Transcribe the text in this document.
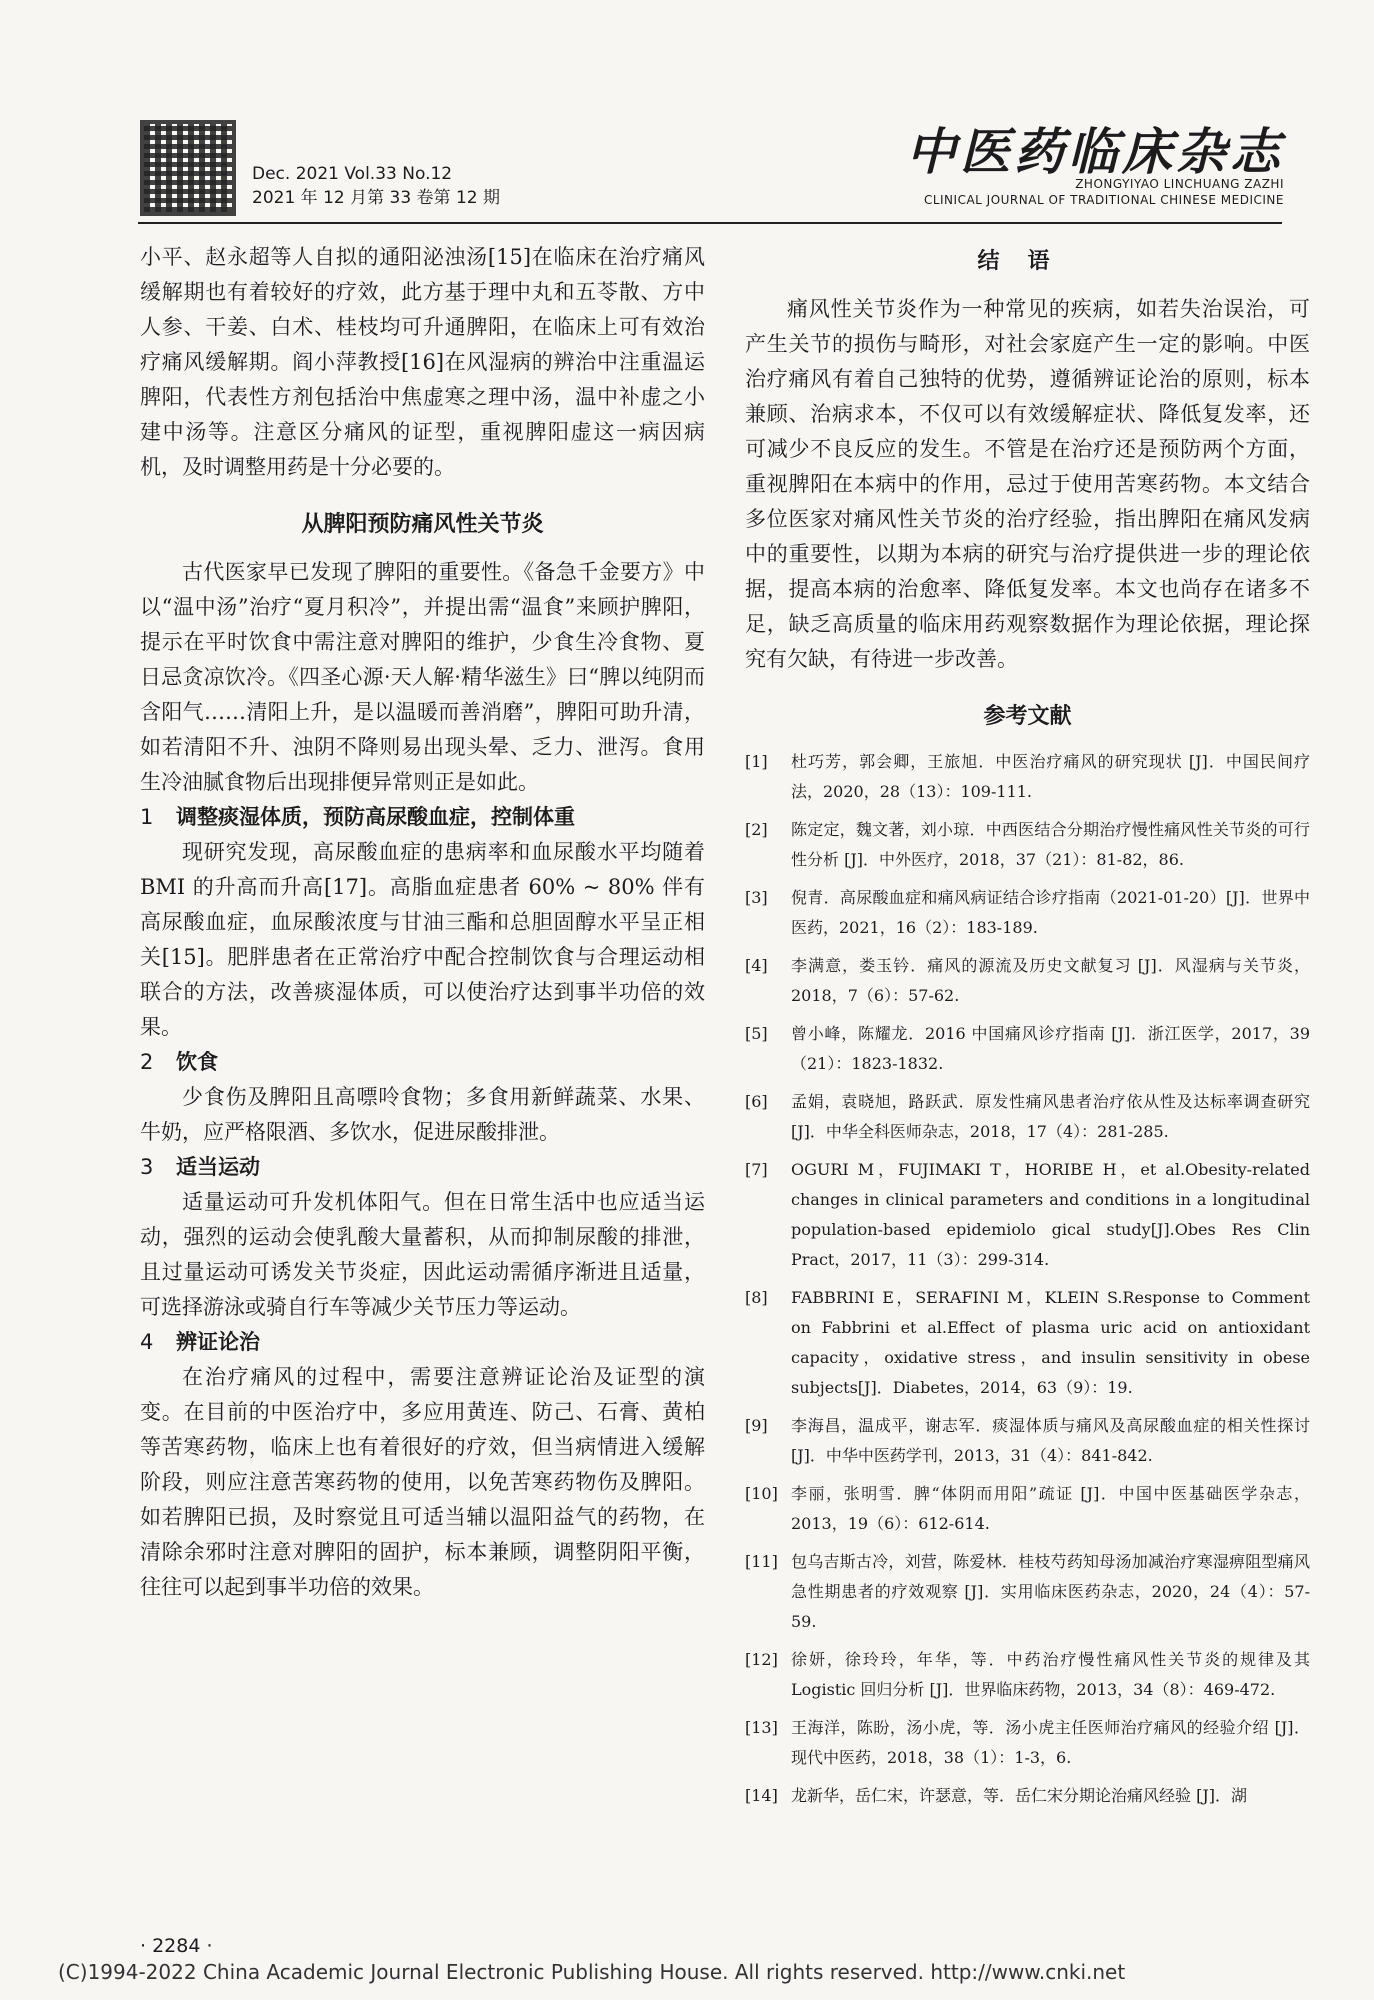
Dec. 2021 Vol.33 No.12
2021 年 12 月第 33 卷第 12 期
中医药临床杂志
ZHONGYIYAO LINCHUANG ZAZHI
CLINICAL JOURNAL OF TRADITIONAL CHINESE MEDICINE

小平、赵永超等人自拟的通阳泌浊汤[15]在临床在治疗痛风缓解期也有着较好的疗效，此方基于理中丸和五苓散、方中人参、干姜、白术、桂枝均可升通脾阳，在临床上可有效治疗痛风缓解期。阎小萍教授[16]在风湿病的辨治中注重温运脾阳，代表性方剂包括治中焦虚寒之理中汤，温中补虚之小建中汤等。注意区分痛风的证型，重视脾阳虚这一病因病机，及时调整用药是十分必要的。

从脾阳预防痛风性关节炎

古代医家早已发现了脾阳的重要性。《备急千金要方》中以“温中汤”治疗“夏月积冷”，并提出需“温食”来顾护脾阳，提示在平时饮食中需注意对脾阳的维护，少食生冷食物、夏日忌贪凉饮冷。《四圣心源·天人解·精华滋生》曰“脾以纯阴而含阳气……清阳上升，是以温暖而善消磨”，脾阳可助升清，如若清阳不升、浊阴不降则易出现头晕、乏力、泄泻。食用生冷油腻食物后出现排便异常则正是如此。

1 调整痰湿体质，预防高尿酸血症，控制体重

现研究发现，高尿酸血症的患病率和血尿酸水平均随着 BMI 的升高而升高[17]。高脂血症患者 60% ~ 80% 伴有高尿酸血症，血尿酸浓度与甘油三酯和总胆固醇水平呈正相关[15]。肥胖患者在正常治疗中配合控制饮食与合理运动相联合的方法，改善痰湿体质，可以使治疗达到事半功倍的效果。

2 饮食

少食伤及脾阳且高嘌呤食物；多食用新鲜蔬菜、水果、牛奶，应严格限酒、多饮水，促进尿酸排泄。

3 适当运动

适量运动可升发机体阳气。但在日常生活中也应适当运动，强烈的运动会使乳酸大量蓄积，从而抑制尿酸的排泄，且过量运动可诱发关节炎症，因此运动需循序渐进且适量，可选择游泳或骑自行车等减少关节压力等运动。

4 辨证论治

在治疗痛风的过程中，需要注意辨证论治及证型的演变。在目前的中医治疗中，多应用黄连、防己、石膏、黄柏等苦寒药物，临床上也有着很好的疗效，但当病情进入缓解阶段，则应注意苦寒药物的使用，以免苦寒药物伤及脾阳。如若脾阳已损，及时察觉且可适当辅以温阳益气的药物，在清除余邪时注意对脾阳的固护，标本兼顾，调整阴阳平衡，往往可以起到事半功倍的效果。

结语

痛风性关节炎作为一种常见的疾病，如若失治误治，可产生关节的损伤与畸形，对社会家庭产生一定的影响。中医治疗痛风有着自己独特的优势，遵循辨证论治的原则，标本兼顾、治病求本，不仅可以有效缓解症状、降低复发率，还可减少不良反应的发生。不管是在治疗还是预防两个方面，重视脾阳在本病中的作用，忌过于使用苦寒药物。本文结合多位医家对痛风性关节炎的治疗经验，指出脾阳在痛风发病中的重要性，以期为本病的研究与治疗提供进一步的理论依据，提高本病的治愈率、降低复发率。本文也尚存在诸多不足，缺乏高质量的临床用药观察数据作为理论依据，理论探究有欠缺，有待进一步改善。

参考文献
[1]	杜巧芳，郭会卿，王旅旭．中医治疗痛风的研究现状 [J]．中国民间疗法，2020，28（13）：109-111.
[2]	陈定定，魏文著，刘小琼．中西医结合分期治疗慢性痛风性关节炎的可行性分析 [J]．中外医疗，2018，37（21）：81-82，86.
[3]	倪青．高尿酸血症和痛风病证结合诊疗指南（2021-01-20）[J]．世界中医药，2021，16（2）：183-189.
[4]	李满意，娄玉钤．痛风的源流及历史文献复习 [J]．风湿病与关节炎，2018，7（6）：57-62.
[5]	曾小峰，陈耀龙．2016 中国痛风诊疗指南 [J]．浙江医学，2017，39（21）：1823-1832.
[6]	孟娟，袁晓旭，路跃武．原发性痛风患者治疗依从性及达标率调查研究 [J]．中华全科医师杂志，2018，17（4）：281-285.
[7]	OGURI M，FUJIMAKI T，HORIBE H，et al.Obesity-related changes in clinical parameters and conditions in a longitudinal population-based epidemiolo gical study[J].Obes Res Clin Pract，2017，11（3）：299-314.
[8]	FABBRINI E，SERAFINI M，KLEIN S.Response to Comment on Fabbrini et al.Effect of plasma uric acid on antioxidant capacity，oxidative stress，and insulin sensitivity in obese subjects[J]．Diabetes，2014，63（9）：19.
[9]	李海昌，温成平，谢志军．痰湿体质与痛风及高尿酸血症的相关性探讨 [J]．中华中医药学刊，2013，31（4）：841-842.
[10] 李丽，张明雪．脾“体阴而用阳”疏证 [J]．中国中医基础医学杂志，2013，19（6）：612-614.
[11] 包乌吉斯古冷，刘营，陈爱林．桂枝芍药知母汤加减治疗寒湿痹阻型痛风急性期患者的疗效观察 [J]．实用临床医药杂志，2020，24（4）：57-59.
[12] 徐妍，徐玲玲，年华，等．中药治疗慢性痛风性关节炎的规律及其 Logistic 回归分析 [J]．世界临床药物，2013，34（8）：469-472.
[13] 王海洋，陈盼，汤小虎，等．汤小虎主任医师治疗痛风的经验介绍 [J]．现代中医药，2018，38（1）：1-3，6.
[14] 龙新华，岳仁宋，许瑟意，等．岳仁宋分期论治痛风经验 [J]．湖
· 2284 ·
(C)1994-2022 China Academic Journal Electronic Publishing House. All rights reserved. http://www.cnki.net
